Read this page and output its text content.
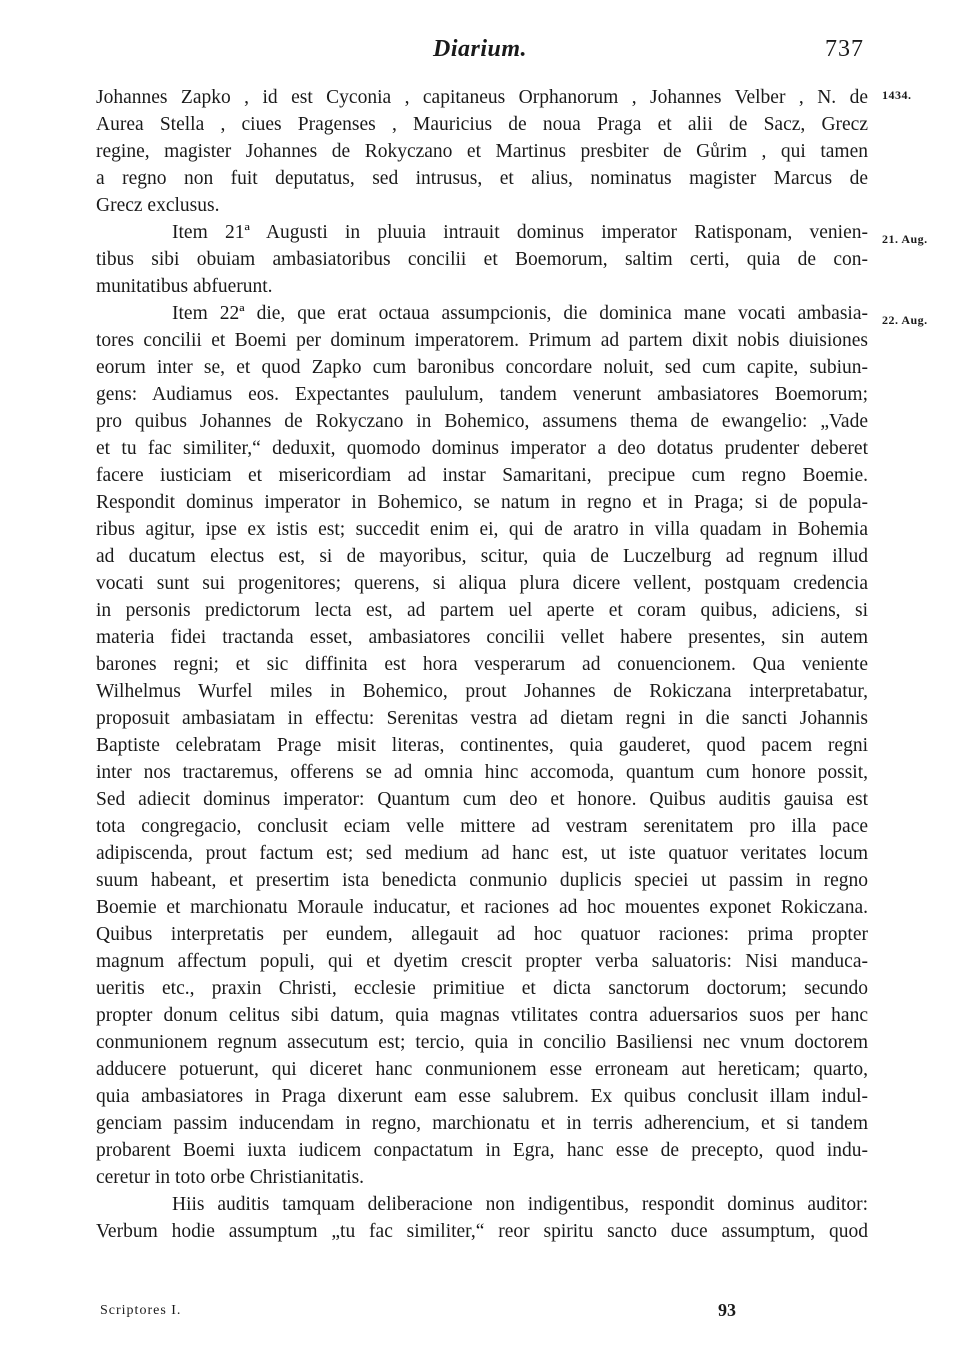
Diarium.	737
Johannes Zapko , id est Cyconia , capitaneus Orphanorum , Johannes Velber , N. de
Aurea Stella , ciues Pragenses , Mauricius de noua Praga et alii de Sacz, Grecz
regine, magister Johannes de Rokyczano et Martinus presbiter de Gůrim , qui tamen
a regno non fuit deputatus, sed intrusus, et alius, nominatus magister Marcus de
Grecz exclusus.
Item 21ª Augusti in pluuia intrauit dominus imperator Ratisponam, venien-
tibus sibi obuiam ambasiatoribus concilii et Boemorum, saltim certi, quia de con-
munitatibus abfuerunt.
Item 22ª die, que erat octaua assumpcionis, die dominica mane vocati ambasia-
tores concilii et Boemi per dominum imperatorem. Primum ad partem dixit nobis diuisiones
eorum inter se, et quod Zapko cum baronibus concordare noluit, sed cum capite, subiun-
gens: Audiamus eos. Expectantes paululum, tandem venerunt ambasiatores Boemorum;
pro quibus Johannes de Rokyczano in Bohemico, assumens thema de ewangelio: „Vade
et tu fac similiter,“ deduxit, quomodo dominus imperator a deo dotatus prudenter deberet
facere iusticiam et misericordiam ad instar Samaritani, precipue cum regno Boemie.
Respondit dominus imperator in Bohemico, se natum in regno et in Praga; si de popula-
ribus agitur, ipse ex istis est; succedit enim ei, qui de aratro in villa quadam in Bohemia
ad ducatum electus est, si de mayoribus, scitur, quia de Luczelburg ad regnum illud
vocati sunt sui progenitores; querens, si aliqua plura dicere vellent, postquam credencia
in personis predictorum lecta est, ad partem uel aperte et coram quibus, adiciens, si
materia fidei tractanda esset, ambasiatores concilii vellet habere presentes, sin autem
barones regni; et sic diffinita est hora vesperarum ad conuencionem. Qua veniente
Wilhelmus Wurfel miles in Bohemico, prout Johannes de Rokiczana interpretabatur,
proposuit ambasiatam in effectu: Serenitas vestra ad dietam regni in die sancti Johannis
Baptiste celebratam Prage misit literas, continentes, quia gauderet, quod pacem regni
inter nos tractaremus, offerens se ad omnia hinc accomoda, quantum cum honore possit,
Sed adiecit dominus imperator: Quantum cum deo et honore. Quibus auditis gauisa est
tota congregacio, conclusit eciam velle mittere ad vestram serenitatem pro illa pace
adipiscenda, prout factum est; sed medium ad hanc est, ut iste quatuor veritates locum
suum habeant, et presertim ista benedicta conmunio duplicis speciei ut passim in regno
Boemie et marchionatu Moraule inducatur, et raciones ad hoc mouentes exponet Rokiczana.
Quibus interpretatis per eundem, allegauit ad hoc quatuor raciones: prima propter
magnum affectum populi, qui et dyetim crescit propter verba saluatoris: Nisi manduca-
ueritis etc., praxin Christi, ecclesie primitiue et dicta sanctorum doctorum; secundo
propter donum celitus sibi datum, quia magnas vtilitates contra aduersarios suos per hanc
conmunionem regnum assecutum est; tercio, quia in concilio Basiliensi nec vnum doctorem
adducere potuerunt, qui diceret hanc conmunionem esse erroneam aut hereticam; quarto,
quia ambasiatores in Praga dixerunt eam esse salubrem. Ex quibus conclusit illam indul-
genciam passim inducendam in regno, marchionatu et in terris adherencium, et si tandem
probarent Boemi iuxta iudicem conpactatum in Egra, hanc esse de precepto, quod indu-
ceretur in toto orbe Christianitatis.
Hiis auditis tamquam deliberacione non indigentibus, respondit dominus auditor:
Verbum hodie assumptum „tu fac similiter,“ reor spiritu sancto duce assumptum, quod
1434.
21. Aug.
22. Aug.
Scriptores I.	93
